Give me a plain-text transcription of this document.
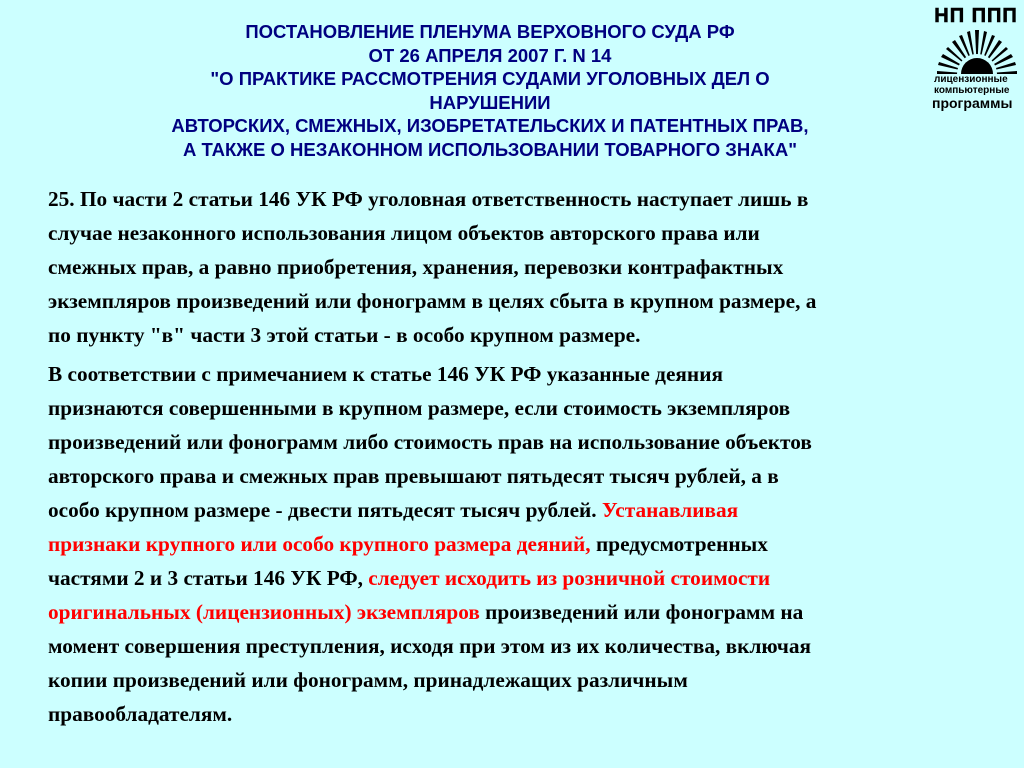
ПОСТАНОВЛЕНИЕ ПЛЕНУМА ВЕРХОВНОГО СУДА РФ
ОТ 26 АПРЕЛЯ 2007 Г. N 14
"О ПРАКТИКЕ РАССМОТРЕНИЯ СУДАМИ УГОЛОВНЫХ ДЕЛ О
НАРУШЕНИИ
АВТОРСКИХ, СМЕЖНЫХ, ИЗОБРЕТАТЕЛЬСКИХ И ПАТЕНТНЫХ ПРАВ,
А ТАКЖЕ О НЕЗАКОННОМ ИСПОЛЬЗОВАНИИ ТОВАРНОГО ЗНАКА"
НП ППП
лицензионные
компьютерные
программы

25. По части 2 статьи 146 УК РФ уголовная ответственность наступает лишь в

случае незаконного использования лицом объектов авторского права или

смежных прав, а равно приобретения, хранения, перевозки контрафактных

экземпляров произведений или фонограмм в целях сбыта в крупном размере, а

по пункту "в" части 3 этой статьи - в особо крупном размере.

В соответствии с примечанием к статье 146 УК РФ указанные деяния

признаются совершенными в крупном размере, если стоимость экземпляров

произведений или фонограмм либо стоимость прав на использование объектов

авторского права и смежных прав превышают пятьдесят тысяч рублей, а в

особо крупном размере - двести пятьдесят тысяч рублей. Устанавливая

признаки крупного или особо крупного размера деяний, предусмотренных

частями 2 и 3 статьи 146 УК РФ, следует исходить из розничной стоимости

оригинальных (лицензионных) экземпляров произведений или фонограмм на

момент совершения преступления, исходя при этом из их количества, включая

копии произведений или фонограмм, принадлежащих различным

правообладателям.
